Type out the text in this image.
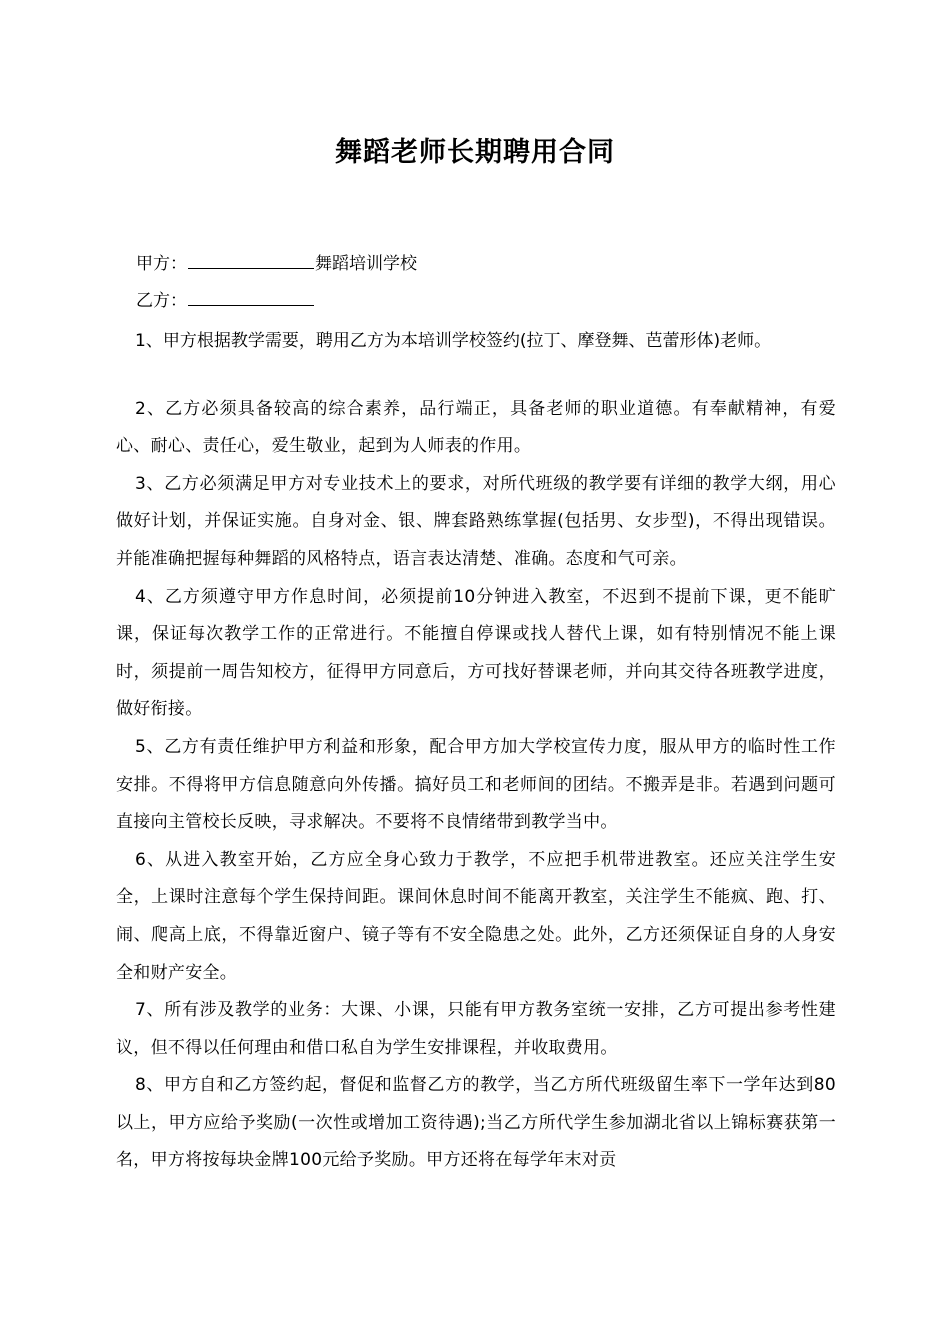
舞蹈老师长期聘用合同
甲方：	舞蹈培训学校
乙方：

1、甲方根据教学需要，聘用乙方为本培训学校签约(拉丁、摩登舞、芭蕾形体)老师。

2、乙方必须具备较高的综合素养，品行端正，具备老师的职业道德。有奉献精神，有爱心、耐心、责任心，爱生敬业，起到为人师表的作用。

3、乙方必须满足甲方对专业技术上的要求，对所代班级的教学要有详细的教学大纲，用心做好计划，并保证实施。自身对金、银、牌套路熟练掌握(包括男、女步型)，不得出现错误。并能准确把握每种舞蹈的风格特点，语言表达清楚、准确。态度和气可亲。

4、乙方须遵守甲方作息时间，必须提前10分钟进入教室，不迟到不提前下课，更不能旷课，保证每次教学工作的正常进行。不能擅自停课或找人替代上课，如有特别情况不能上课时，须提前一周告知校方，征得甲方同意后，方可找好替课老师，并向其交待各班教学进度，做好衔接。

5、乙方有责任维护甲方利益和形象，配合甲方加大学校宣传力度，服从甲方的临时性工作安排。不得将甲方信息随意向外传播。搞好员工和老师间的团结。不搬弄是非。若遇到问题可直接向主管校长反映，寻求解决。不要将不良情绪带到教学当中。

6、从进入教室开始，乙方应全身心致力于教学，不应把手机带进教室。还应关注学生安全，上课时注意每个学生保持间距。课间休息时间不能离开教室，关注学生不能疯、跑、打、闹、爬高上底，不得靠近窗户、镜子等有不安全隐患之处。此外，乙方还须保证自身的人身安全和财产安全。

7、所有涉及教学的业务：大课、小课，只能有甲方教务室统一安排，乙方可提出参考性建议，但不得以任何理由和借口私自为学生安排课程，并收取费用。

8、甲方自和乙方签约起，督促和监督乙方的教学，当乙方所代班级留生率下一学年达到80以上，甲方应给予奖励(一次性或增加工资待遇);当乙方所代学生参加湖北省以上锦标赛获第一名，甲方将按每块金牌100元给予奖励。甲方还将在每学年末对贡
